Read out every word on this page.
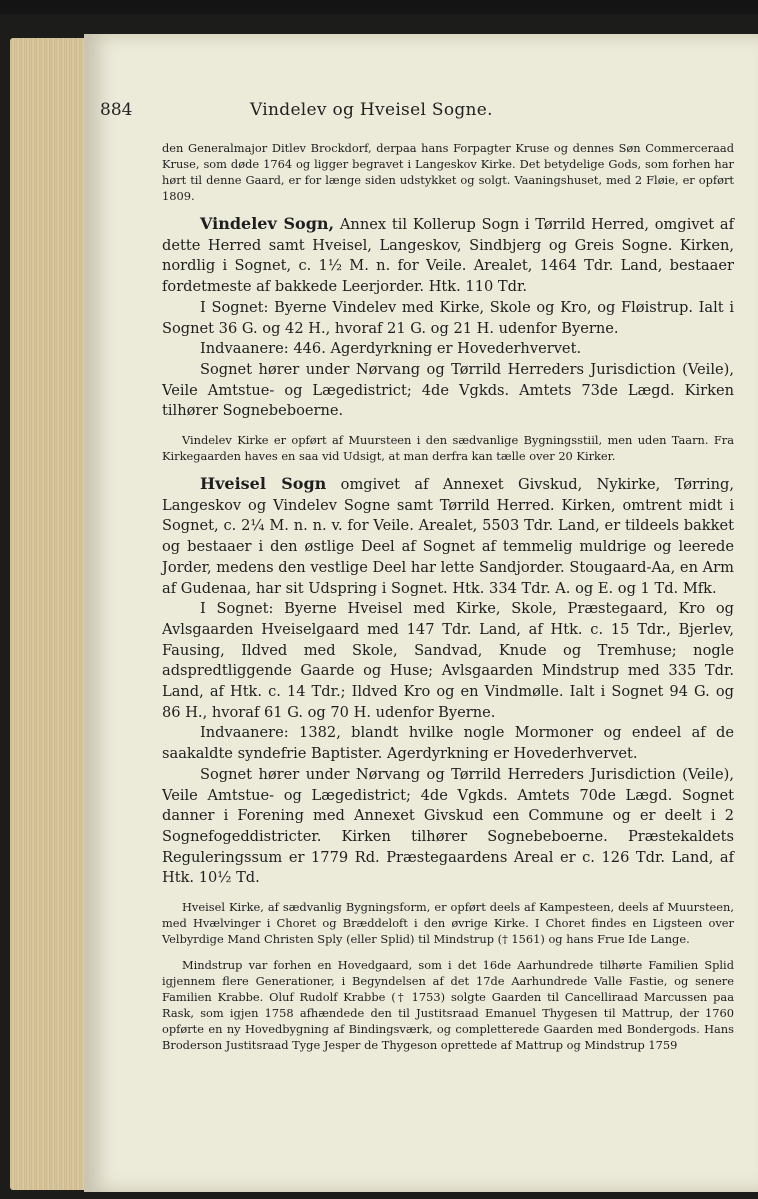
884	Vindelev og Hveisel Sogne.

den Generalmajor Ditlev Brockdorf, derpaa hans Forpagter Kruse og dennes Søn Commerceraad Kruse, som døde 1764 og ligger begravet i Langeskov Kirke. Det betydelige Gods, som forhen har hørt til denne Gaard, er for længe siden udstykket og solgt. Vaaningshuset, med 2 Fløie, er opført 1809.

Vindelev Sogn, Annex til Kollerup Sogn i Tørrild Herred, omgivet af dette Herred samt Hveisel, Langeskov, Sindbjerg og Greis Sogne. Kirken, nordlig i Sognet, c. 1½ M. n. for Veile. Arealet, 1464 Tdr. Land, bestaaer fordetmeste af bakkede Leerjorder. Htk. 110 Tdr.

I Sognet: Byerne Vindelev med Kirke, Skole og Kro, og Fløistrup. Ialt i Sognet 36 G. og 42 H., hvoraf 21 G. og 21 H. udenfor Byerne.

Indvaanere: 446. Agerdyrkning er Hovederhvervet.

Sognet hører under Nørvang og Tørrild Herreders Jurisdiction (Veile), Veile Amtstue- og Lægedistrict; 4de Vgkds. Amtets 73de Lægd. Kirken tilhører Sognebeboerne.

Vindelev Kirke er opført af Muursteen i den sædvanlige Bygningsstiil, men uden Taarn. Fra Kirkegaarden haves en saa vid Udsigt, at man derfra kan tælle over 20 Kirker.

Hveisel Sogn omgivet af Annexet Givskud, Nykirke, Tørring, Langeskov og Vindelev Sogne samt Tørrild Herred. Kirken, omtrent midt i Sognet, c. 2¼ M. n. n. v. for Veile. Arealet, 5503 Tdr. Land, er tildeels bakket og bestaaer i den østlige Deel af Sognet af temmelig muldrige og leerede Jorder, medens den vestlige Deel har lette Sandjorder. Stougaard-Aa, en Arm af Gudenaa, har sit Udspring i Sognet. Htk. 334 Tdr. A. og E. og 1 Td. Mfk.

I Sognet: Byerne Hveisel med Kirke, Skole, Præstegaard, Kro og Avlsgaarden Hveiselgaard med 147 Tdr. Land, af Htk. c. 15 Tdr., Bjerlev, Fausing, Ildved med Skole, Sandvad, Knude og Tremhuse; nogle adspredtliggende Gaarde og Huse; Avlsgaarden Mindstrup med 335 Tdr. Land, af Htk. c. 14 Tdr.; Ildved Kro og en Vindmølle. Ialt i Sognet 94 G. og 86 H., hvoraf 61 G. og 70 H. udenfor Byerne.

Indvaanere: 1382, blandt hvilke nogle Mormoner og endeel af de saakaldte syndefrie Baptister. Agerdyrkning er Hovederhvervet.

Sognet hører under Nørvang og Tørrild Herreders Jurisdiction (Veile), Veile Amtstue- og Lægedistrict; 4de Vgkds. Amtets 70de Lægd. Sognet danner i Forening med Annexet Givskud een Commune og er deelt i 2 Sognefogeddistricter. Kirken tilhører Sognebeboerne. Præstekaldets Reguleringssum er 1779 Rd. Præstegaardens Areal er c. 126 Tdr. Land, af Htk. 10½ Td.

Hveisel Kirke, af sædvanlig Bygningsform, er opført deels af Kampesteen, deels af Muursteen, med Hvælvinger i Choret og Bræddeloft i den øvrige Kirke. I Choret findes en Ligsteen over Velbyrdige Mand Christen Sply (eller Splid) til Mindstrup († 1561) og hans Frue Ide Lange.

Mindstrup var forhen en Hovedgaard, som i det 16de Aarhundrede tilhørte Familien Splid igjennem flere Generationer, i Begyndelsen af det 17de Aarhundrede Valle Fastie, og senere Familien Krabbe. Oluf Rudolf Krabbe († 1753) solgte Gaarden til Cancelliraad Marcussen paa Rask, som igjen 1758 afhændede den til Justitsraad Emanuel Thygesen til Mattrup, der 1760 opførte en ny Hovedbygning af Bindingsværk, og completterede Gaarden med Bondergods. Hans Broderson Justitsraad Tyge Jesper de Thygeson oprettede af Mattrup og Mindstrup 1759
